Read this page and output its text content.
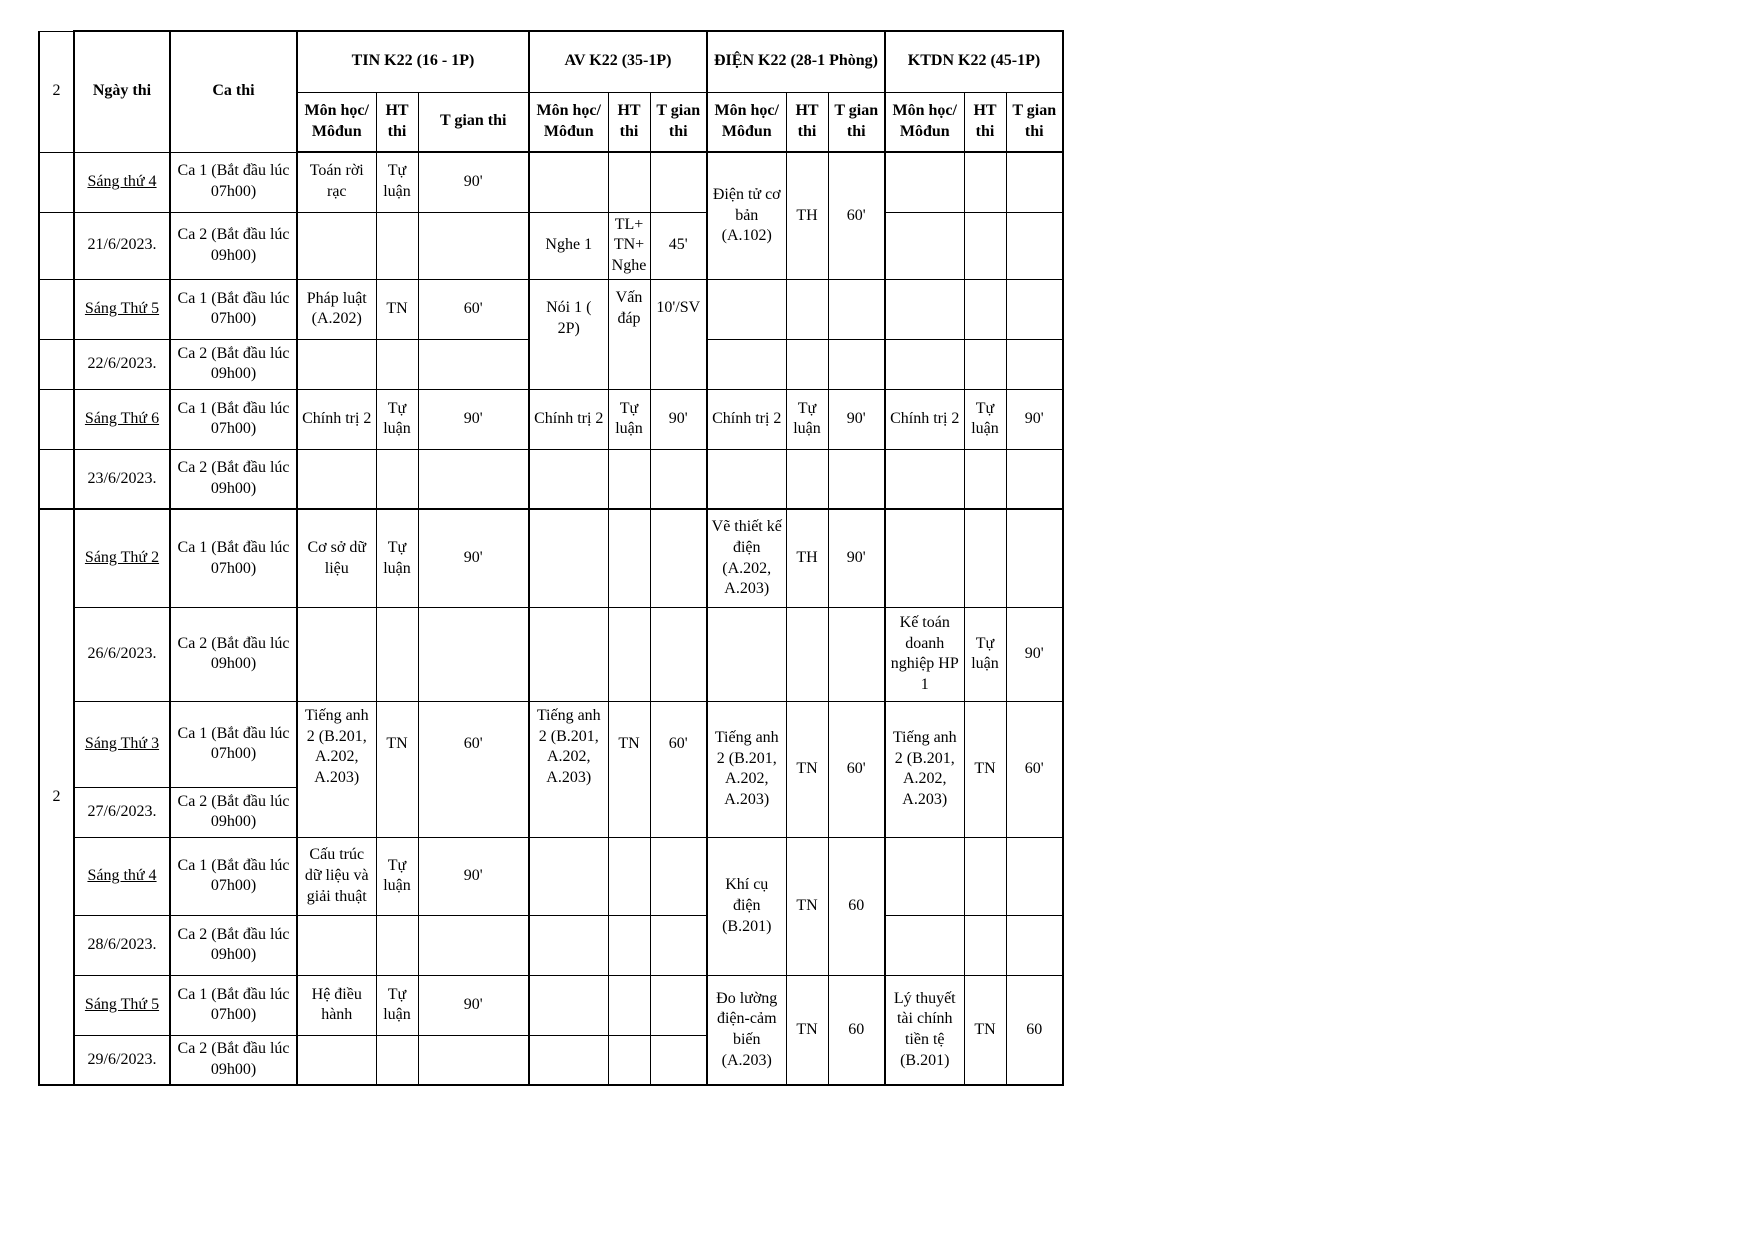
2	Ngày thi	Ca thi	TIN K22 (16 - 1P)			AV K22 (35-1P)			ĐIỆN K22 (28-1 Phòng)			KTDN K22 (45-1P)		
			Môn học/ Môđun	HT thi	T gian thi	Môn học/ Môđun	HT thi	T gian thi	Môn học/ Môđun	HT thi	T gian thi	Môn học/ Môđun	HT thi	T gian thi
	Sáng thứ 4	Ca 1 (Bắt đầu lúc 07h00)	Toán rời rạc	Tự luận	90'				Điện tử cơ bản (A.102)	TH	60'			
	21/6/2023.	Ca 2 (Bắt đầu lúc 09h00)				Nghe 1	TL+ TN+ Nghe	45'						
	Sáng Thứ 5	Ca 1 (Bắt đầu lúc 07h00)	Pháp luật (A.202)	TN	60'	Nói 1 ( 2P)	Vấn đáp	10'/SV						
	22/6/2023.	Ca 2 (Bắt đầu lúc 09h00)												
	Sáng Thứ 6	Ca 1 (Bắt đầu lúc 07h00)	Chính trị 2	Tự luận	90'	Chính trị 2	Tự luận	90'	Chính trị 2	Tự luận	90'	Chính trị 2	Tự luận	90'
	23/6/2023.	Ca 2 (Bắt đầu lúc 09h00)												
2	Sáng Thứ 2	Ca 1 (Bắt đầu lúc 07h00)	Cơ sở dữ liệu	Tự luận	90'				Vẽ thiết kế điện (A.202, A.203)	TH	90'			
	26/6/2023.	Ca 2 (Bắt đầu lúc 09h00)										Kế toán doanh nghiệp HP 1	Tự luận	90'
	Sáng Thứ 3	Ca 1 (Bắt đầu lúc 07h00)	Tiếng anh 2 (B.201, A.202, A.203)	TN	60'	Tiếng anh 2 (B.201, A.202, A.203)	TN	60'	Tiếng anh 2 (B.201, A.202, A.203)	TN	60'	Tiếng anh 2 (B.201, A.202, A.203)	TN	60'
	27/6/2023.	Ca 2 (Bắt đầu lúc 09h00)												
	Sáng thứ 4	Ca 1 (Bắt đầu lúc 07h00)	Cấu trúc dữ liệu và giải thuật	Tự luận	90'				Khí cụ điện (B.201)	TN	60			
	28/6/2023.	Ca 2 (Bắt đầu lúc 09h00)												
	Sáng Thứ 5	Ca 1 (Bắt đầu lúc 07h00)	Hệ điều hành	Tự luận	90'				Đo lường điện-cảm biến (A.203)	TN	60	Lý thuyết tài chính tiền tệ (B.201)	TN	60
	29/6/2023.	Ca 2 (Bắt đầu lúc 09h00)												
